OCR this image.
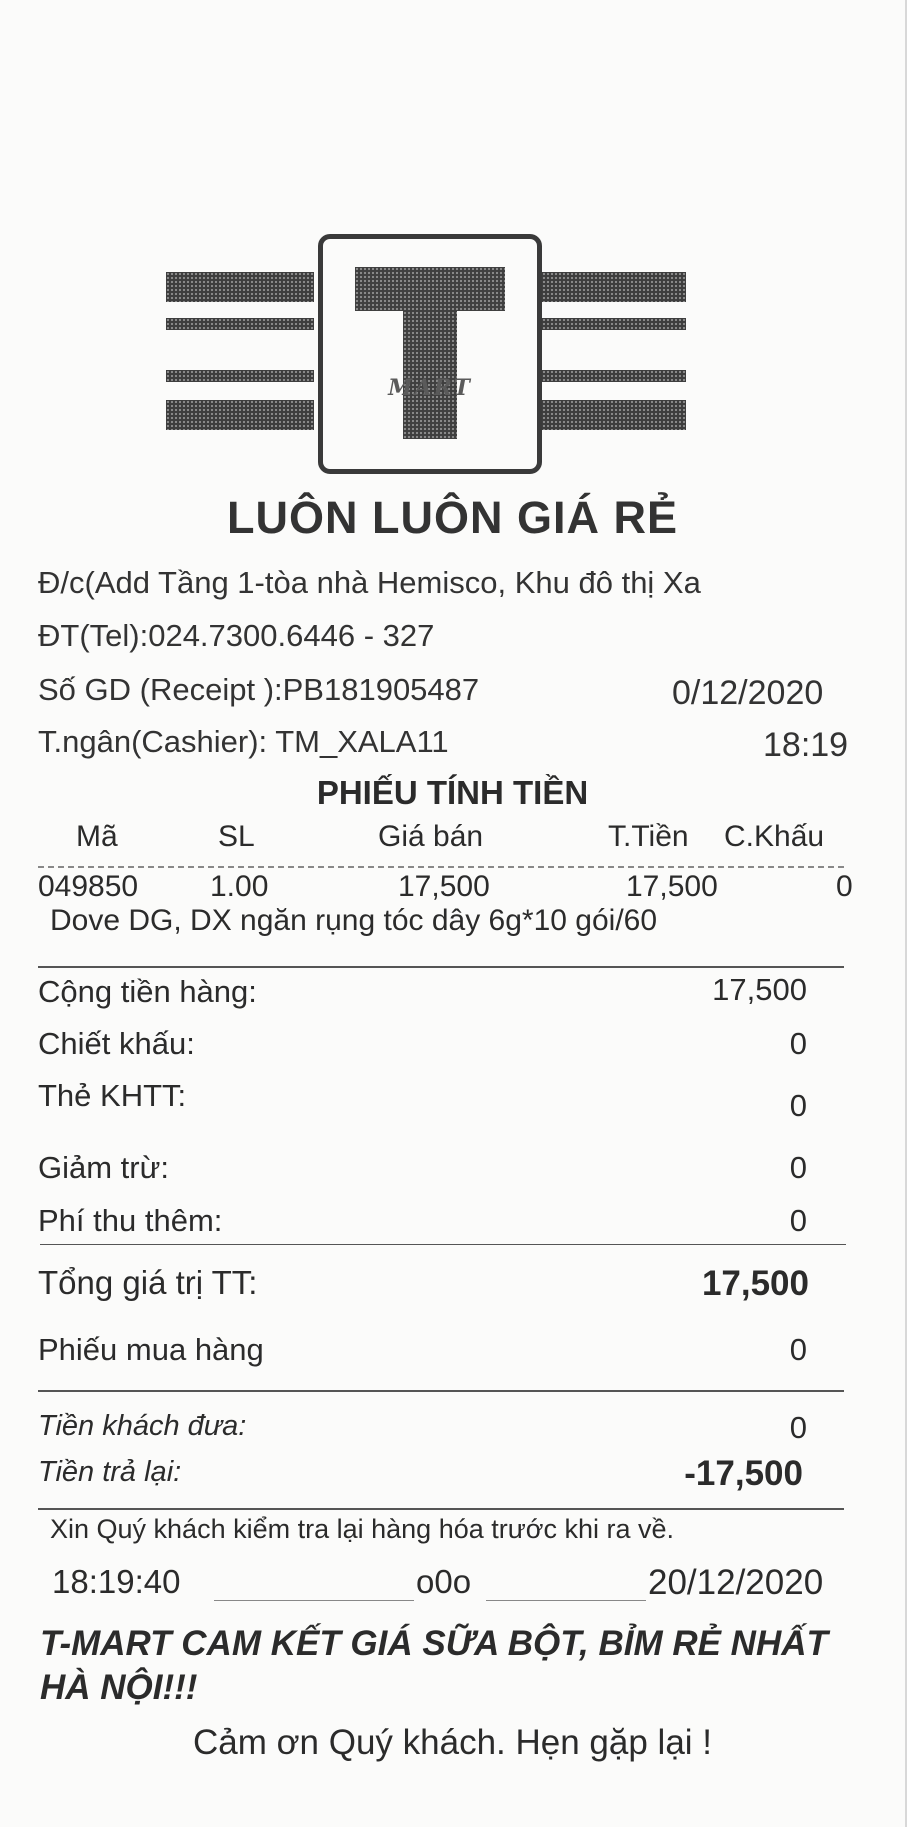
MART
LUÔN LUÔN GIÁ RẺ
Đ/c(Add Tầng 1-tòa nhà Hemisco, Khu đô thị Xa
ĐT(Tel):024.7300.6446 - 327
Số GD (Receipt ):PB181905487	0/12/2020
T.ngân(Cashier): TM_XALA11	18:19
PHIẾU TÍNH TIỀN
Mã	SL	Giá bán	T.Tiền C.Khấu
049850 1.00	17,500	17,500	0
Dove DG, DX ngăn rụng tóc dây 6g*10 gói/60
Cộng tiền hàng:	17,500
Chiết khấu:	0
Thẻ KHTT:	0
Giảm trừ:	0
Phí thu thêm:	0
Tổng giá trị TT:	17,500
Phiếu mua hàng	0
Tiền khách đưa:	0
Tiền trả lại:	-17,500
Xin Quý khách kiểm tra lại hàng hóa trước khi ra về.
18:19:40	o0o	20/12/2020
T-MART CAM KẾT GIÁ SỮA BỘT, BỈM RẺ NHẤT HÀ NỘI!!!
Cảm ơn Quý khách. Hẹn gặp lại !
